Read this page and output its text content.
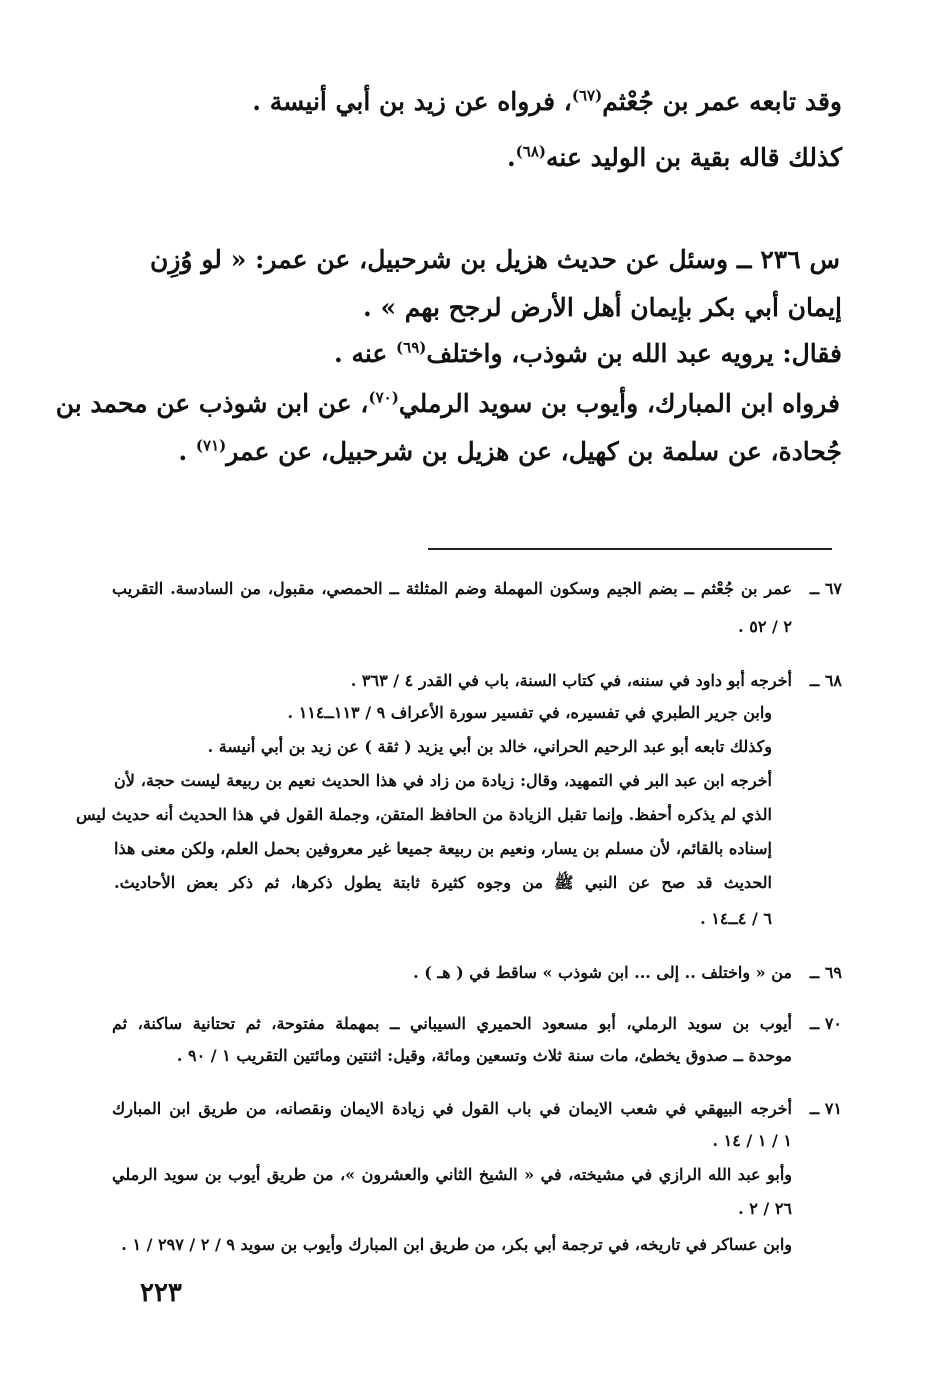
وقد تابعه عمر بن جُعْثم$^{(٦٧)}$، فرواه عن زيد بن أبي أنيسة .
كذلك قاله بقية بن الوليد عنه$^{(٦٨)}$.
س ٢٣٦ ــ وسئل عن حديث هزيل بن شرحبيل، عن عمر: « لو وُزِن
إيمان أبي بكر بإيمان أهل الأرض لرجح بهم » .
فقال: يرويه عبد الله بن شوذب، واختلف$^{(٦٩)}$ عنه .
فرواه ابن المبارك، وأيوب بن سويد الرملي$^{(٧٠)}$، عن ابن شوذب عن محمد بن
جُحادة، عن سلمة بن كهيل، عن هزيل بن شرحبيل، عن عمر$^{(٧١)}$ .
٦٧ ــ
عمر بن جُعْثم ــ بضم الجيم وسكون المهملة وضم المثلثة ــ الحمصي، مقبول، من السادسة. التقريب
٢ / ٥٢ .
٦٨ ــ
أخرجه أبو داود في سننه، في كتاب السنة، باب في القدر ٤ / ٣٦٣ .
وابن جرير الطبري في تفسيره، في تفسير سورة الأعراف ٩ / ١١٣ــ١١٤ .
وكذلك تابعه أبو عبد الرحيم الحراني، خالد بن أبي يزيد ( ثقة ) عن زيد بن أبي أنيسة .
أخرجه ابن عبد البر في التمهيد، وقال: زيادة من زاد في هذا الحديث نعيم بن ربيعة ليست حجة، لأن
الذي لم يذكره أحفظ. وإنما تقبل الزيادة من الحافظ المتقن، وجملة القول في هذا الحديث أنه حديث ليس
إسناده بالقائم، لأن مسلم بن يسار، ونعيم بن ربيعة جميعا غير معروفين بحمل العلم، ولكن معنى هذا
الحديث قد صح عن النبي ﷺ من وجوه كثيرة ثابتة يطول ذكرها، ثم ذكر بعض الأحاديث.
٦ / ٤ــ١٤ .
٦٩ ــ
من « واختلف .. إلى ... ابن شوذب » ساقط في ( هـ ) .
٧٠ ــ
أيوب بن سويد الرملي، أبو مسعود الحميري السيباني ــ بمهملة مفتوحة، ثم تحتانية ساكنة، ثم
موحدة ــ صدوق يخطئ، مات سنة ثلاث وتسعين ومائة، وقيل: اثنتين ومائتين التقريب ١ / ٩٠ .
٧١ ــ
أخرجه البيهقي في شعب الايمان في باب القول في زيادة الايمان ونقصانه، من طريق ابن المبارك
١ / ١ / ١٤ .
وأبو عبد الله الرازي في مشيخته، في « الشيخ الثاني والعشرون »، من طريق أيوب بن سويد الرملي
٢٦ / ٢ .
وابن عساكر في تاريخه، في ترجمة أبي بكر، من طريق ابن المبارك وأيوب بن سويد ٩ / ٢ / ٢٩٧ / ١ .
٢٢٣
